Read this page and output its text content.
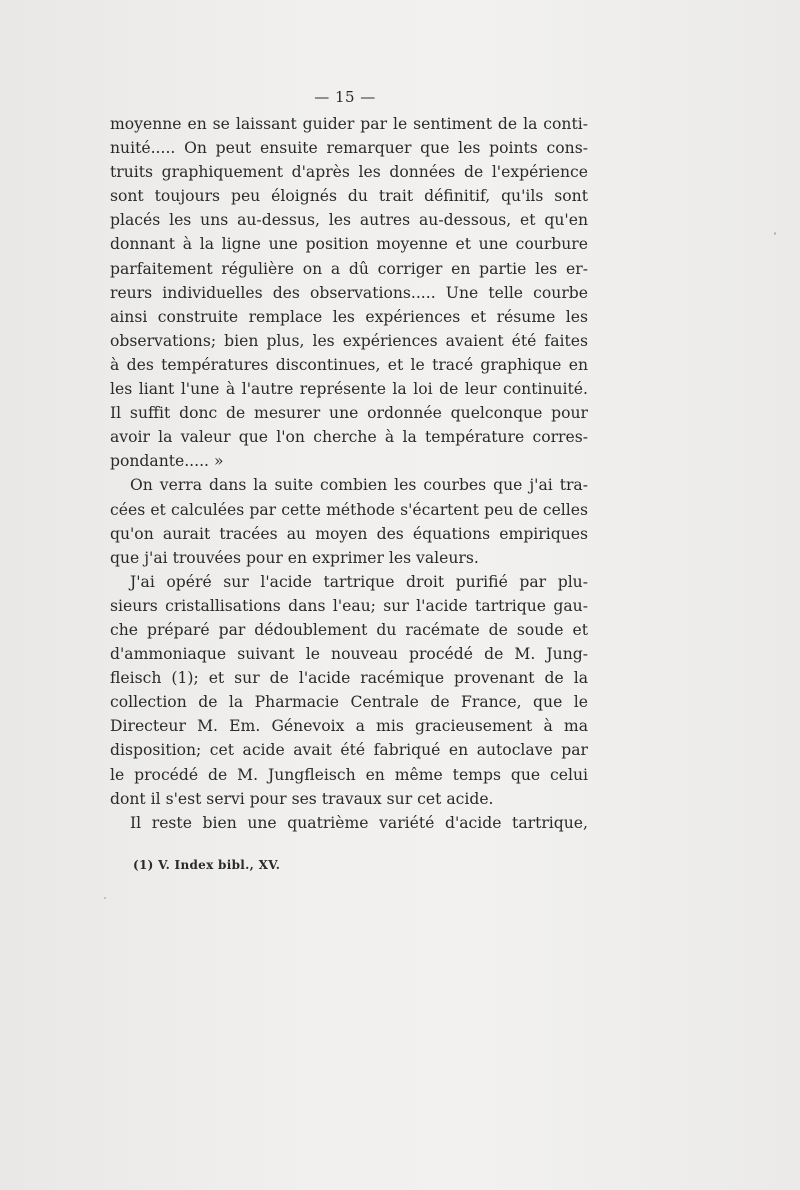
— 15 —
moyenne en se laissant guider par le sentiment de la conti-
nuité..... On peut ensuite remarquer que les points cons-
truits graphiquement d'après les données de l'expérience
sont toujours peu éloignés du trait définitif, qu'ils sont
placés les uns au-dessus, les autres au-dessous, et qu'en
donnant à la ligne une position moyenne et une courbure
parfaitement régulière on a dû corriger en partie les er-
reurs individuelles des observations..... Une telle courbe
ainsi construite remplace les expériences et résume les
observations; bien plus, les expériences avaient été faites
à des températures discontinues, et le tracé graphique en
les liant l'une à l'autre représente la loi de leur continuité.
Il suffit donc de mesurer une ordonnée quelconque pour
avoir la valeur que l'on cherche à la température corres-
pondante..... »
On verra dans la suite combien les courbes que j'ai tra-
cées et calculées par cette méthode s'écartent peu de celles
qu'on aurait tracées au moyen des équations empiriques
que j'ai trouvées pour en exprimer les valeurs.
J'ai opéré sur l'acide tartrique droit purifié par plu-
sieurs cristallisations dans l'eau; sur l'acide tartrique gau-
che préparé par dédoublement du racémate de soude et
d'ammoniaque suivant le nouveau procédé de M. Jung-
fleisch (1); et sur de l'acide racémique provenant de la
collection de la Pharmacie Centrale de France, que le
Directeur M. Em. Génevoix a mis gracieusement à ma
disposition; cet acide avait été fabriqué en autoclave par
le procédé de M. Jungfleisch en même temps que celui
dont il s'est servi pour ses travaux sur cet acide.
Il reste bien une quatrième variété d'acide tartrique,
(1) V. Index bibl., XV.
